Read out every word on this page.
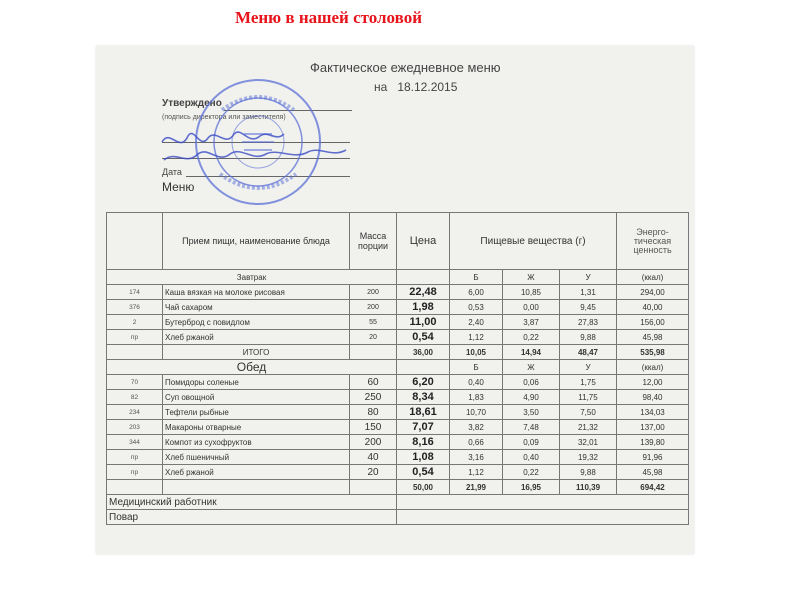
Меню в нашей столовой
Фактическое ежедневное меню
на 18.12.2015
Утверждено
(подпись директора или заместителя)
Дата
Меню
	Прием пищи, наименование блюда	Масса порции	Цена	Пищевые вещества (г)			Энерго-тическая ценность
Завтрак				Б	Ж	У	(ккал)
174	Каша вязкая на молоке рисовая	200	22,48	6,00	10,85	1,31	294,00
376	Чай сахаром	200	1,98	0,53	0,00	9,45	40,00
2	Бутерброд с повидлом	55	11,00	2,40	3,87	27,83	156,00
пр	Хлеб ржаной	20	0,54	1,12	0,22	9,88	45,98
	ИТОГО		36,00	10,05	14,94	48,47	535,98
Обед				Б	Ж	У	(ккал)
70	Помидоры соленые	60	6,20	0,40	0,06	1,75	12,00
82	Суп овощной	250	8,34	1,83	4,90	11,75	98,40
234	Тефтели рыбные	80	18,61	10,70	3,50	7,50	134,03
203	Макароны отварные	150	7,07	3,82	7,48	21,32	137,00
344	Компот из сухофруктов	200	8,16	0,66	0,09	32,01	139,80
пр	Хлеб пшеничный	40	1,08	3,16	0,40	19,32	91,96
пр	Хлеб ржаной	20	0,54	1,12	0,22	9,88	45,98
			50,00	21,99	16,95	110,39	694,42
Медицинский работник							
Повар							
